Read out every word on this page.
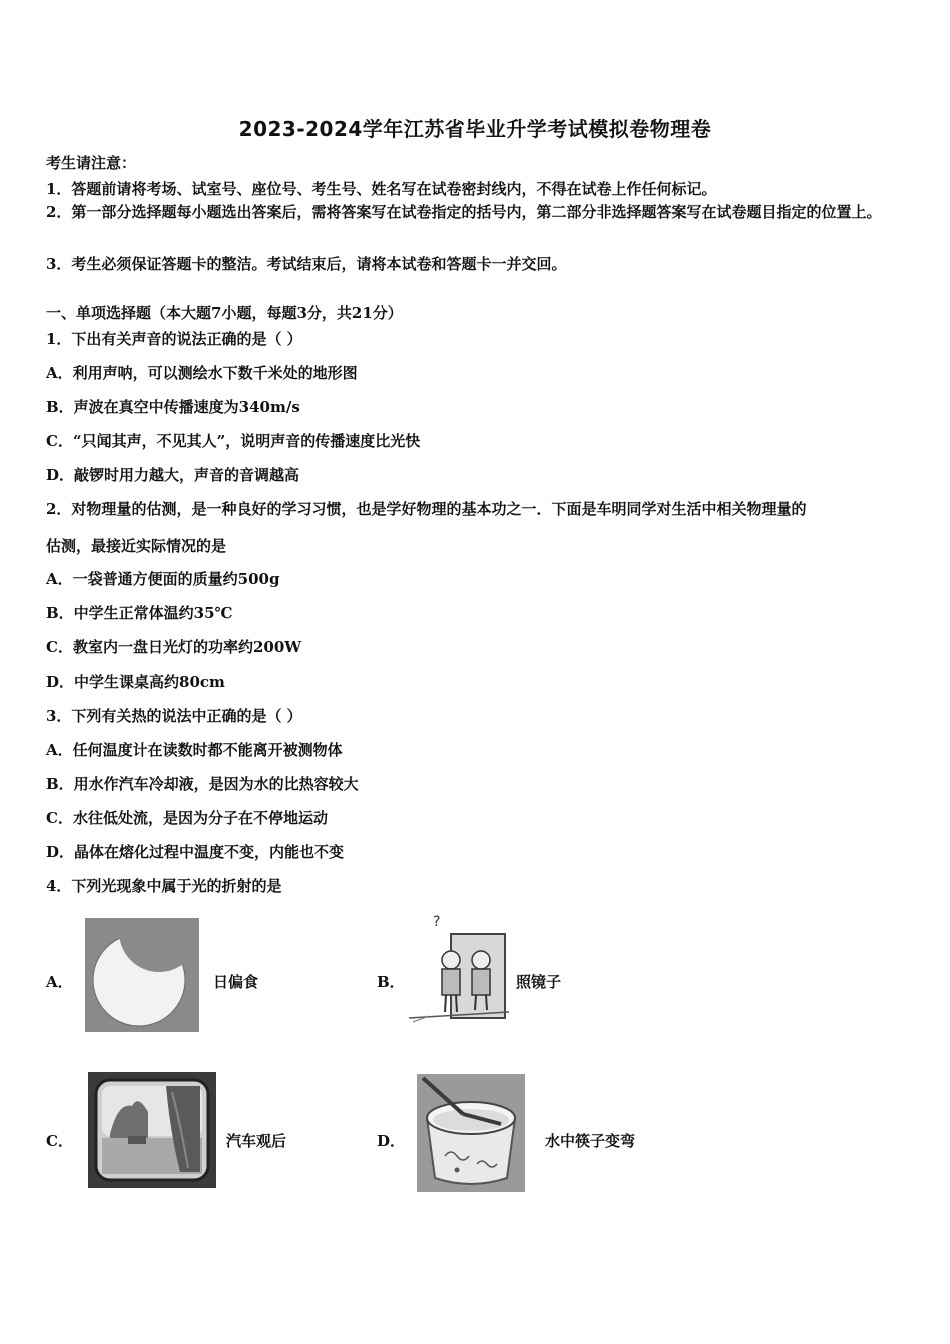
2023-2024学年江苏省毕业升学考试模拟卷物理卷
考生请注意：
1．答题前请将考场、试室号、座位号、考生号、姓名写在试卷密封线内，不得在试卷上作任何标记。
2．第一部分选择题每小题选出答案后，需将答案写在试卷指定的括号内，第二部分非选择题答案写在试卷题目指定的位置上。
3．考生必须保证答题卡的整洁。考试结束后，请将本试卷和答题卡一并交回。
一、单项选择题（本大题7小题，每题3分，共21分）
1．下出有关声音的说法正确的是（ ）
A．利用声呐，可以测绘水下数千米处的地形图
B．声波在真空中传播速度为340m/s
C．“只闻其声，不见其人”，说明声音的传播速度比光快
D．敲锣时用力越大，声音的音调越高
2．对物理量的估测，是一种良好的学习习惯，也是学好物理的基本功之一．下面是车明同学对生活中相关物理量的
估测，最接近实际情况的是
A．一袋普通方便面的质量约500g
B．中学生正常体温约35℃
C．教室内一盘日光灯的功率约200W
D．中学生课桌高约80cm
3．下列有关热的说法中正确的是（ ）
A．任何温度计在读数时都不能离开被测物体
B．用水作汽车冷却液，是因为水的比热容较大
C．水往低处流，是因为分子在不停地运动
D．晶体在熔化过程中温度不变，内能也不变
4．下列光现象中属于光的折射的是
A．	日偏食	B．
?
照镜子
C．	汽车观后	D．	水中筷子变弯
